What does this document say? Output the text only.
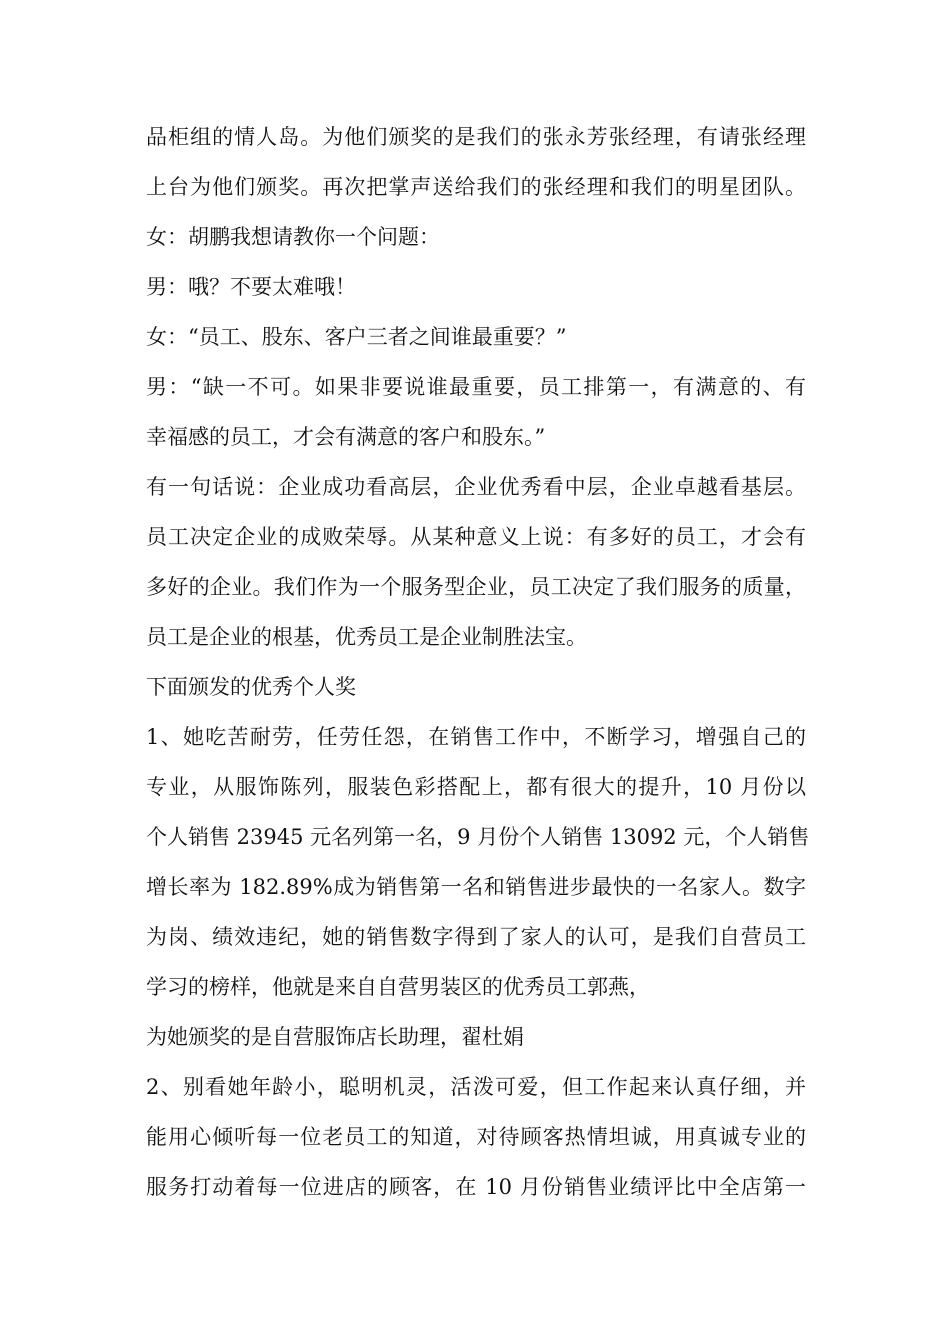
品柜组的情人岛。为他们颁奖的是我们的张永芳张经理，有请张经理
上台为他们颁奖。再次把掌声送给我们的张经理和我们的明星团队。
女：胡鹏我想请教你一个问题：
男：哦？不要太难哦！
女：“员工、股东、客户三者之间谁最重要？”
男：“缺一不可。如果非要说谁最重要，员工排第一，有满意的、有
幸福感的员工，才会有满意的客户和股东。”
有一句话说：企业成功看高层，企业优秀看中层，企业卓越看基层。
员工决定企业的成败荣辱。从某种意义上说：有多好的员工，才会有
多好的企业。我们作为一个服务型企业，员工决定了我们服务的质量，
员工是企业的根基，优秀员工是企业制胜法宝。
下面颁发的优秀个人奖
1、她吃苦耐劳，任劳任怨，在销售工作中，不断学习，增强自己的
专业，从服饰陈列，服装色彩搭配上，都有很大的提升，10 月份以
个人销售 23945 元名列第一名，9 月份个人销售 13092 元，个人销售
增长率为 182.89%成为销售第一名和销售进步最快的一名家人。数字
为岗、绩效违纪，她的销售数字得到了家人的认可，是我们自营员工
学习的榜样，他就是来自自营男装区的优秀员工郭燕，
为她颁奖的是自营服饰店长助理，翟杜娟
2、别看她年龄小，聪明机灵，活泼可爱，但工作起来认真仔细，并
能用心倾听每一位老员工的知道，对待顾客热情坦诚，用真诚专业的
服务打动着每一位进店的顾客，在 10 月份销售业绩评比中全店第一
